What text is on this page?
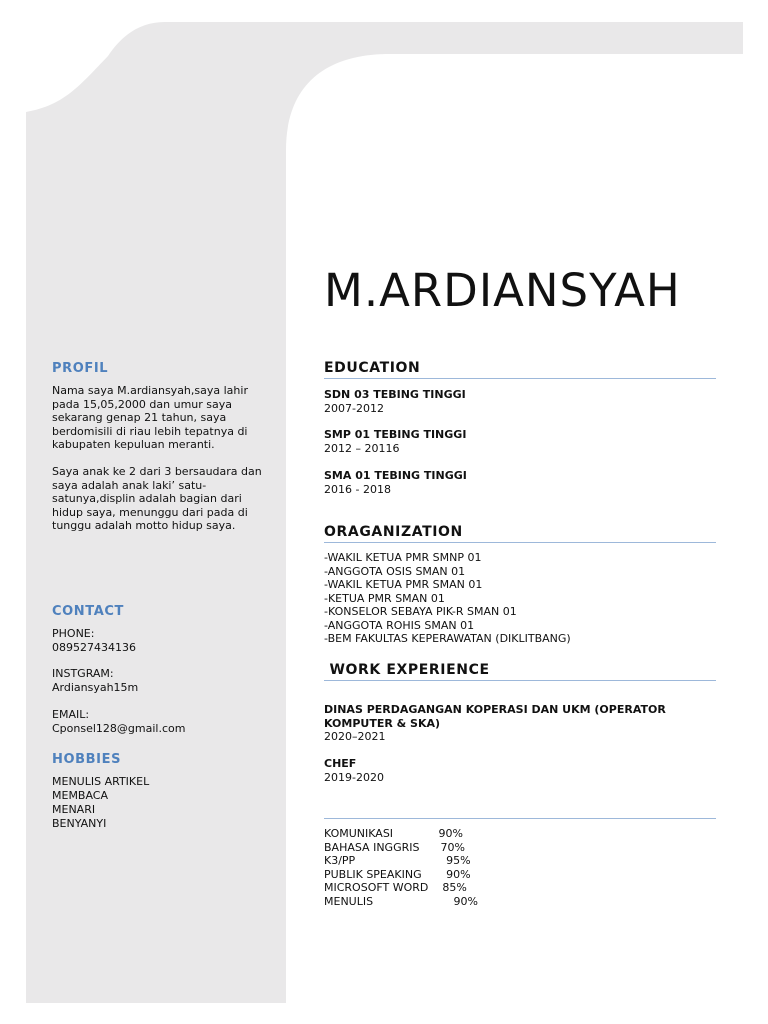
PROFIL

Nama saya M.ardiansyah,saya lahir pada 15,05,2000 dan umur saya sekarang genap 21 tahun, saya berdomisili di riau lebih tepatnya di kabupaten kepuluan meranti.

Saya anak ke 2 dari 3 bersaudara dan saya adalah anak laki’ satu-satunya,displin adalah bagian dari hidup saya, menunggu dari pada di tunggu adalah motto hidup saya.

CONTACT
PHONE:
089527434136
INSTGRAM:
Ardiansyah15m
EMAIL:
Cponsel128@gmail.com
HOBBIES
MENULIS ARTIKEL
MEMBACA
MENARI
BENYANYI
M.ARDIANSYAH
EDUCATION
SDN 03 TEBING TINGGI
2007-2012
SMP 01 TEBING TINGGI
2012 – 20116
SMA 01 TEBING TINGGI
2016 - 2018
ORAGANIZATION
-WAKIL KETUA PMR SMNP 01
-ANGGOTA OSIS SMAN 01
-WAKIL KETUA PMR SMAN 01
-KETUA PMR SMAN 01
-KONSELOR SEBAYA PIK-R SMAN 01
-ANGGOTA ROHIS SMAN 01
-BEM FAKULTAS KEPERAWATAN (DIKLITBANG)
WORK EXPERIENCE
DINAS PERDAGANGAN KOPERASI DAN UKM (OPERATOR KOMPUTER & SKA)
2020–2021
CHEF
2019-2020
KOMUNIKASI             90%
BAHASA INGGRIS      70%
K3/PP                          95%
PUBLIK SPEAKING       90%
MICROSOFT WORD    85%
MENULIS                       90%
